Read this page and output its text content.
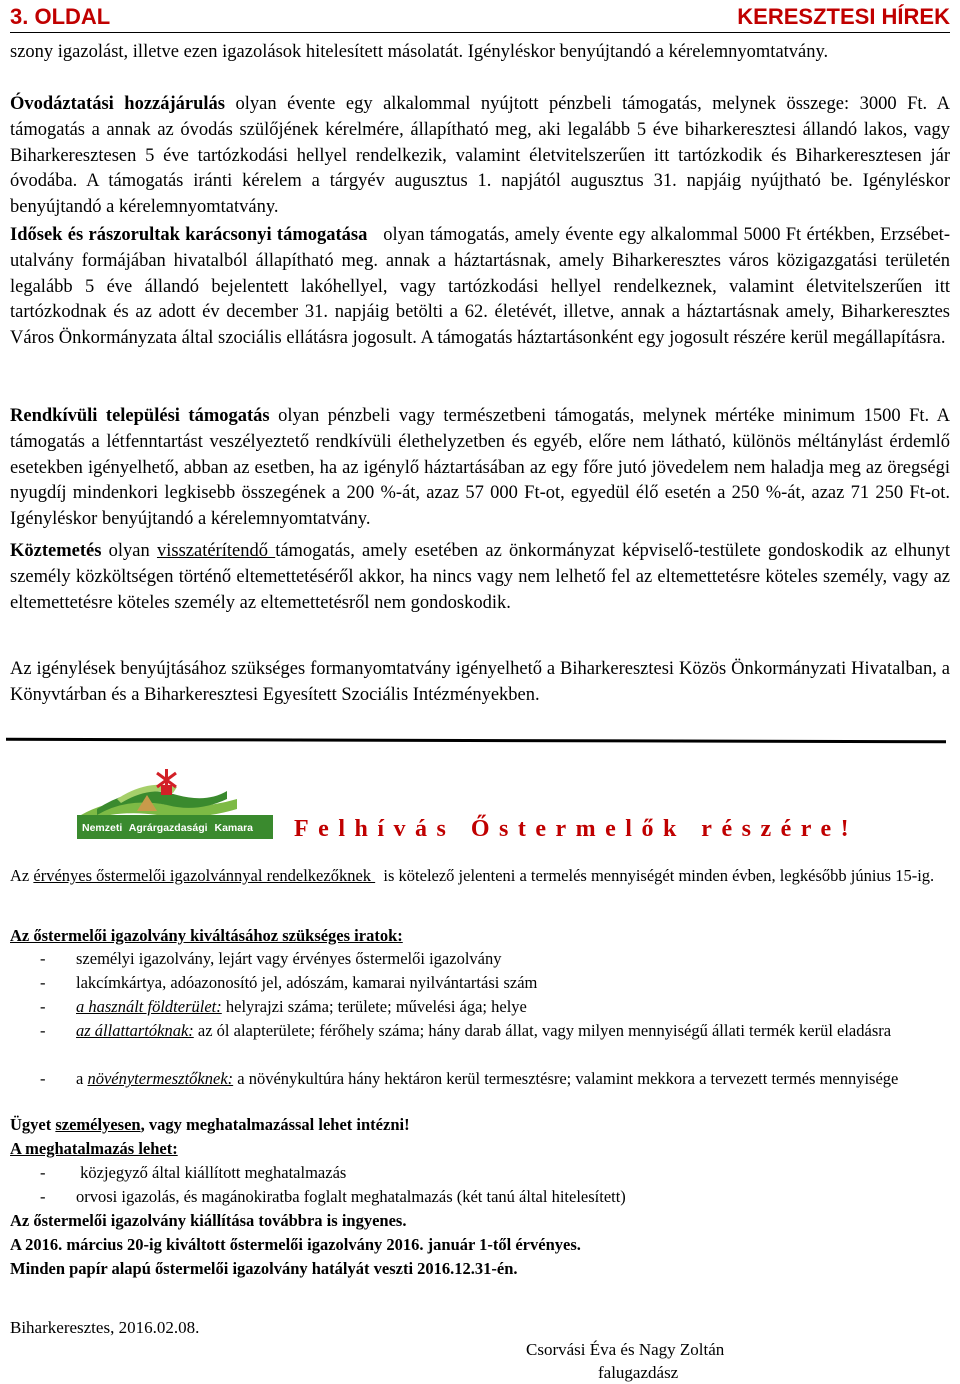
3. OLDAL	KERESZTESI HÍREK

szony igazolást, illetve ezen igazolások hitelesített másolatát. Igényléskor benyújtandó a kérelemnyomtatvány.

Óvodáztatási hozzájárulás olyan évente egy alkalommal nyújtott pénzbeli támogatás, melynek összege: 3000 Ft. A támogatás a annak az óvodás szülőjének kérelmére, állapítható meg, aki legalább 5 éve biharkeresztesi állandó lakos, vagy Biharkeresztesen 5 éve tartózkodási hellyel rendelkezik, valamint életvitelszerűen itt tartózkodik és Biharkeresztesen jár óvodába. A támogatás iránti kérelem a tárgyév augusztus 1. napjától augusztus 31. napjáig nyújtható be. Igényléskor benyújtandó a kérelemnyomtatvány.

Idősek és rászorultak karácsonyi támogatása   olyan támogatás, amely évente egy alkalommal 5000 Ft értékben, Erzsébet-utalvány formájában hivatalból állapítható meg. annak a háztartásnak, amely Biharkeresztes város közigazgatási területén legalább 5 éve állandó bejelentett lakóhellyel, vagy tartózkodási hellyel rendelkeznek, valamint életvitelszerűen itt tartózkodnak és az adott év december 31. napjáig betölti a 62. életévét, illetve, annak a háztartásnak amely, Biharkeresztes Város Önkormányzata által szociális ellátásra jogosult. A támogatás háztartásonként egy jogosult részére kerül megállapításra.

Rendkívüli települési támogatás olyan pénzbeli vagy természetbeni támogatás, melynek mértéke minimum 1500 Ft. A támogatás a létfenntartást veszélyeztető rendkívüli élethelyzetben és egyéb, előre nem látható, különös méltánylást érdemlő esetekben igényelhető, abban az esetben, ha az igénylő háztartásában az egy főre jutó jövedelem nem haladja meg az öregségi nyugdíj mindenkori legkisebb összegének a 200 %-át, azaz 57 000 Ft-ot, egyedül élő esetén a 250 %-át, azaz 71 250 Ft-ot. Igényléskor benyújtandó a kérelemnyomtatvány.

Köztemetés olyan visszatérítendő támogatás, amely esetében az önkormányzat képviselő-testülete gondoskodik az elhunyt személy közköltségen történő eltemettetéséről akkor, ha nincs vagy nem lelhető fel az eltemettetésre köteles személy, vagy az eltemettetésre köteles személy az eltemettetésről nem gondoskodik.

Az igénylések benyújtásához szükséges formanyomtatvány igényelhető a Biharkeresztesi Közös Önkormányzati Hivatalban, a Könyvtárban és a Biharkeresztesi Egyesített Szociális Intézményekben.

Nemzeti Agrárgazdasági Kamara Felhívás Őstermelők részére!

Az érvényes őstermelői igazolvánnyal rendelkezőknek   is kötelező jelenteni a termelés mennyiségét minden évben, legkésőbb június 15-ig.

Az őstermelői igazolvány kiváltásához szükséges iratok:

-	személyi igazolvány, lejárt vagy érvényes őstermelői igazolvány
-	lakcímkártya, adóazonosító jel, adószám, kamarai nyilvántartási szám
-	a használt földterület: helyrajzi száma; területe; művelési ága; helye
-	az állattartóknak: az ól alapterülete; férőhely száma; hány darab állat, vagy milyen mennyiségű állati termék kerül eladásra
-	a növénytermesztőknek: a növénykultúra hány hektáron kerül termesztésre; valamint mekkora a tervezett termés mennyisége

Ügyet személyesen, vagy meghatalmazással lehet intézni!

A meghatalmazás lehet:

-	közjegyző által kiállított meghatalmazás
-	orvosi igazolás, és magánokiratba foglalt meghatalmazás (két tanú által hitelesített)

Az őstermelői igazolvány kiállítása továbbra is ingyenes.

A 2016. március 20-ig kiváltott őstermelői igazolvány 2016. január 1-től érvényes.

Minden papír alapú őstermelői igazolvány hatályát veszti 2016.12.31-én.

Biharkeresztes, 2016.02.08.
Csorvási Éva és Nagy Zoltán
falugazdász
